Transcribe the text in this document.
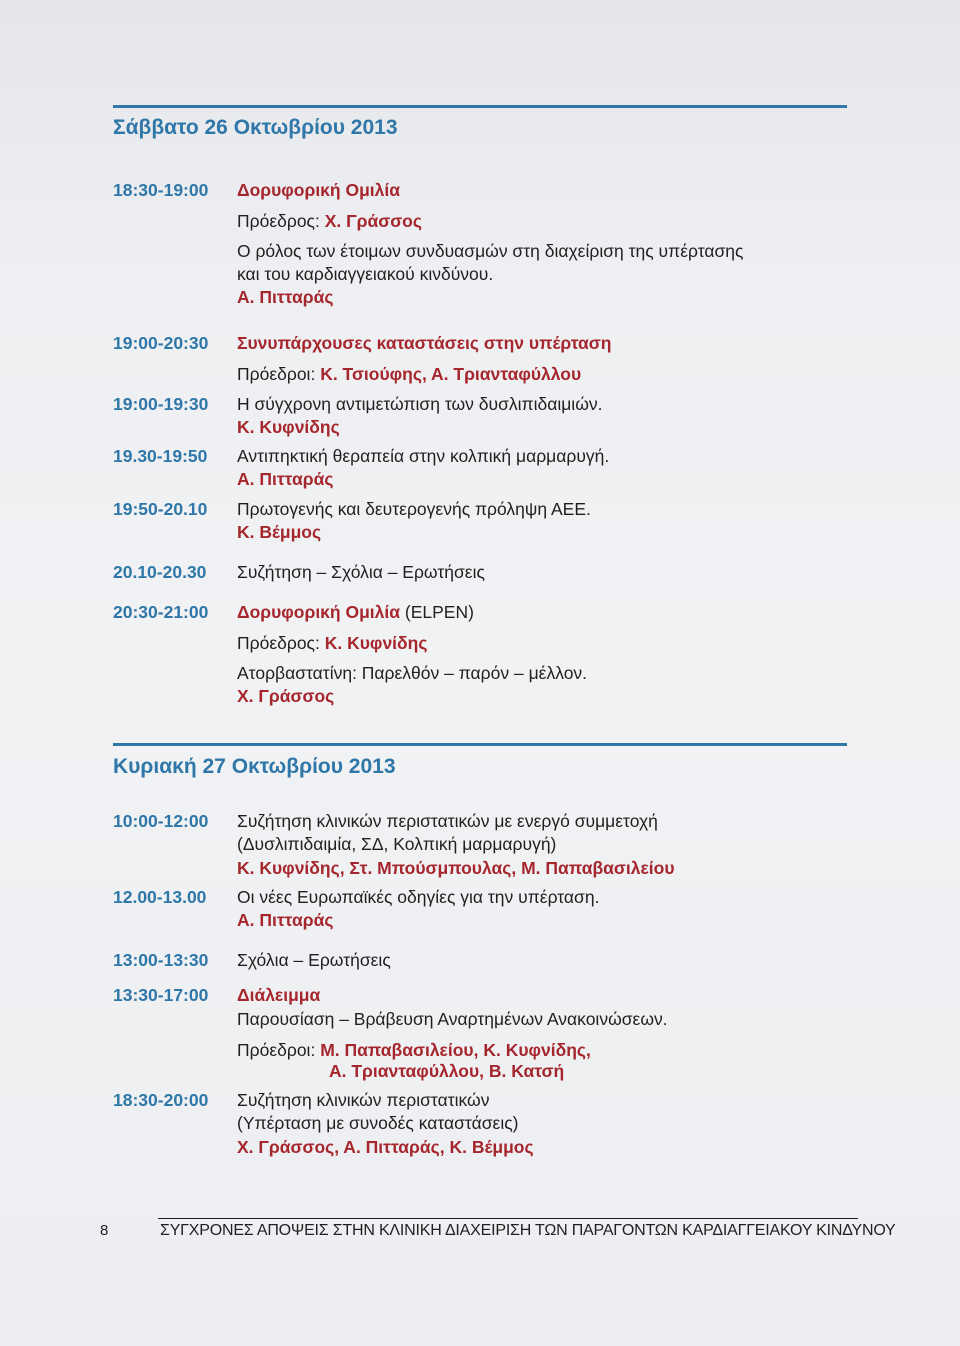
Σάββατο 26 Οκτωβρίου 2013
18:30-19:00 Δορυφορική Ομιλία
Πρόεδρος: Χ. Γράσσος
Ο ρόλος των έτοιμων συνδυασμών στη διαχείριση της υπέρτασης
και του καρδιαγγειακού κινδύνου.
Α. Πιτταράς
19:00-20:30 Συνυπάρχουσες καταστάσεις στην υπέρταση
Πρόεδροι: Κ. Τσιούφης, Α. Τριανταφύλλου
19:00-19:30 Η σύγχρονη αντιμετώπιση των δυσλιπιδαιμιών.
Κ. Κυφνίδης
19.30-19:50 Αντιπηκτική θεραπεία στην κολπική μαρμαρυγή.
Α. Πιτταράς
19:50-20.10 Πρωτογενής και δευτερογενής πρόληψη ΑΕΕ.
Κ. Βέμμος
20.10-20.30 Συζήτηση – Σχόλια – Ερωτήσεις
20:30-21:00 Δορυφορική Ομιλία (ELPEN)
Πρόεδρος: Κ. Κυφνίδης
Ατορβαστατίνη: Παρελθόν – παρόν – μέλλον.
Χ. Γράσσος
Κυριακή 27 Οκτωβρίου 2013
10:00-12:00 Συζήτηση κλινικών περιστατικών με ενεργό συμμετοχή
(Δυσλιπιδαιμία, ΣΔ, Κολπική μαρμαρυγή)
Κ. Κυφνίδης, Στ. Μπούσμπουλας, Μ. Παπαβασιλείου
12.00-13.00 Οι νέες Ευρωπαϊκές οδηγίες για την υπέρταση.
Α. Πιτταράς
13:00-13:30 Σχόλια – Ερωτήσεις
13:30-17:00 Διάλειμμα
Παρουσίαση – Βράβευση Αναρτημένων Ανακοινώσεων.
Πρόεδροι: Μ. Παπαβασιλείου, Κ. Κυφνίδης,
Α. Τριανταφύλλου, Β. Κατσή
18:30-20:00 Συζήτηση κλινικών περιστατικών
(Υπέρταση με συνοδές καταστάσεις)
Χ. Γράσσος, Α. Πιτταράς, Κ. Βέμμος
8	ΣΥΓΧΡΟΝΕΣ ΑΠΟΨΕΙΣ ΣΤΗΝ ΚΛΙΝΙΚΗ ΔΙΑΧΕΙΡΙΣΗ ΤΩΝ ΠΑΡΑΓΟΝΤΩΝ ΚΑΡΔΙΑΓΓΕΙΑΚΟΥ ΚΙΝΔΥΝΟΥ
